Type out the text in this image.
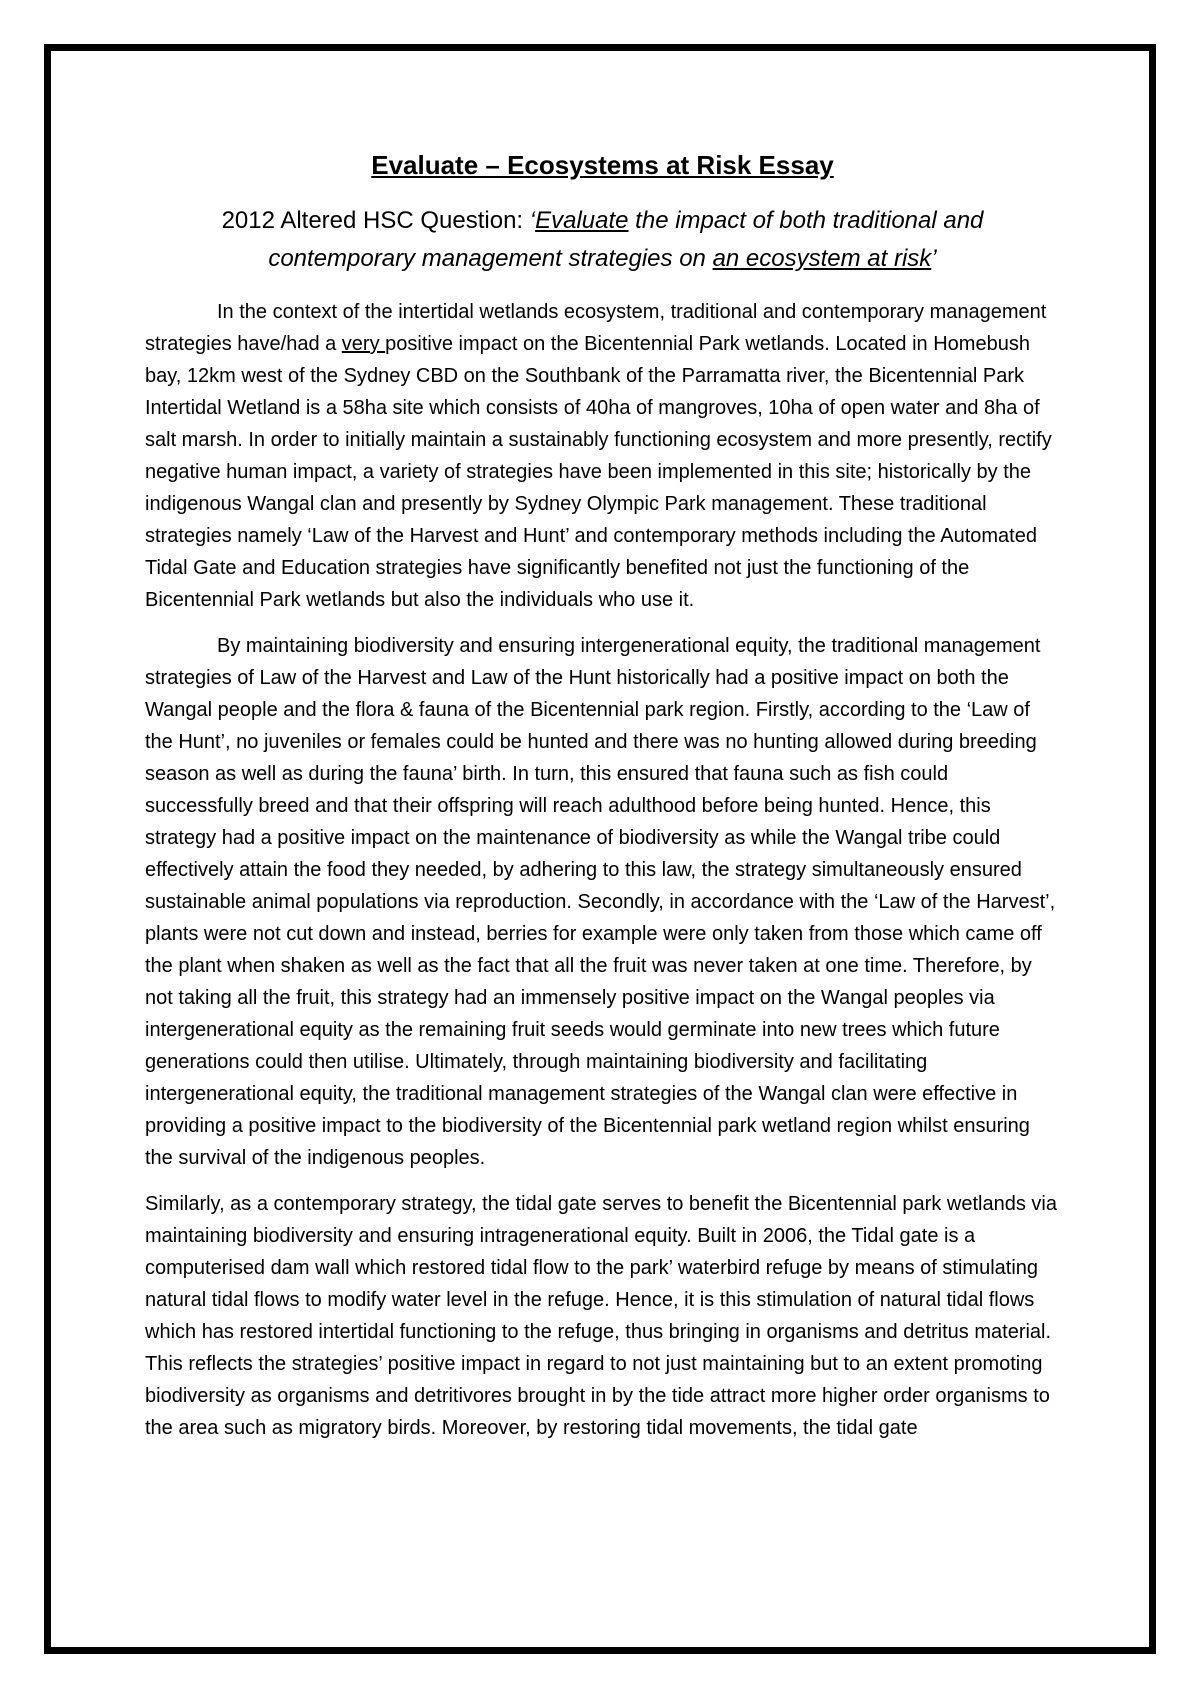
Evaluate – Ecosystems at Risk Essay
2012 Altered HSC Question: ‘Evaluate the impact of both traditional and contemporary management strategies on an ecosystem at risk’

In the context of the intertidal wetlands ecosystem, traditional and contemporary management strategies have/had a very positive impact on the Bicentennial Park wetlands. Located in Homebush bay, 12km west of the Sydney CBD on the Southbank of the Parramatta river, the Bicentennial Park Intertidal Wetland is a 58ha site which consists of 40ha of mangroves, 10ha of open water and 8ha of salt marsh. In order to initially maintain a sustainably functioning ecosystem and more presently, rectify negative human impact, a variety of strategies have been implemented in this site; historically by the indigenous Wangal clan and presently by Sydney Olympic Park management. These traditional strategies namely ‘Law of the Harvest and Hunt’ and contemporary methods including the Automated Tidal Gate and Education strategies have significantly benefited not just the functioning of the Bicentennial Park wetlands but also the individuals who use it.

By maintaining biodiversity and ensuring intergenerational equity, the traditional management strategies of Law of the Harvest and Law of the Hunt historically had a positive impact on both the Wangal people and the flora & fauna of the Bicentennial park region. Firstly, according to the ‘Law of the Hunt’, no juveniles or females could be hunted and there was no hunting allowed during breeding season as well as during the fauna’ birth. In turn, this ensured that fauna such as fish could successfully breed and that their offspring will reach adulthood before being hunted. Hence, this strategy had a positive impact on the maintenance of biodiversity as while the Wangal tribe could effectively attain the food they needed, by adhering to this law, the strategy simultaneously ensured sustainable animal populations via reproduction. Secondly, in accordance with the ‘Law of the Harvest’, plants were not cut down and instead, berries for example were only taken from those which came off the plant when shaken as well as the fact that all the fruit was never taken at one time. Therefore, by not taking all the fruit, this strategy had an immensely positive impact on the Wangal peoples via intergenerational equity as the remaining fruit seeds would germinate into new trees which future generations could then utilise. Ultimately, through maintaining biodiversity and facilitating intergenerational equity, the traditional management strategies of the Wangal clan were effective in providing a positive impact to the biodiversity of the Bicentennial park wetland region whilst ensuring the survival of the indigenous peoples.

Similarly, as a contemporary strategy, the tidal gate serves to benefit the Bicentennial park wetlands via maintaining biodiversity and ensuring intragenerational equity. Built in 2006, the Tidal gate is a computerised dam wall which restored tidal flow to the park’ waterbird refuge by means of stimulating natural tidal flows to modify water level in the refuge. Hence, it is this stimulation of natural tidal flows which has restored intertidal functioning to the refuge, thus bringing in organisms and detritus material. This reflects the strategies’ positive impact in regard to not just maintaining but to an extent promoting biodiversity as organisms and detritivores brought in by the tide attract more higher order organisms to the area such as migratory birds. Moreover, by restoring tidal movements, the tidal gate
